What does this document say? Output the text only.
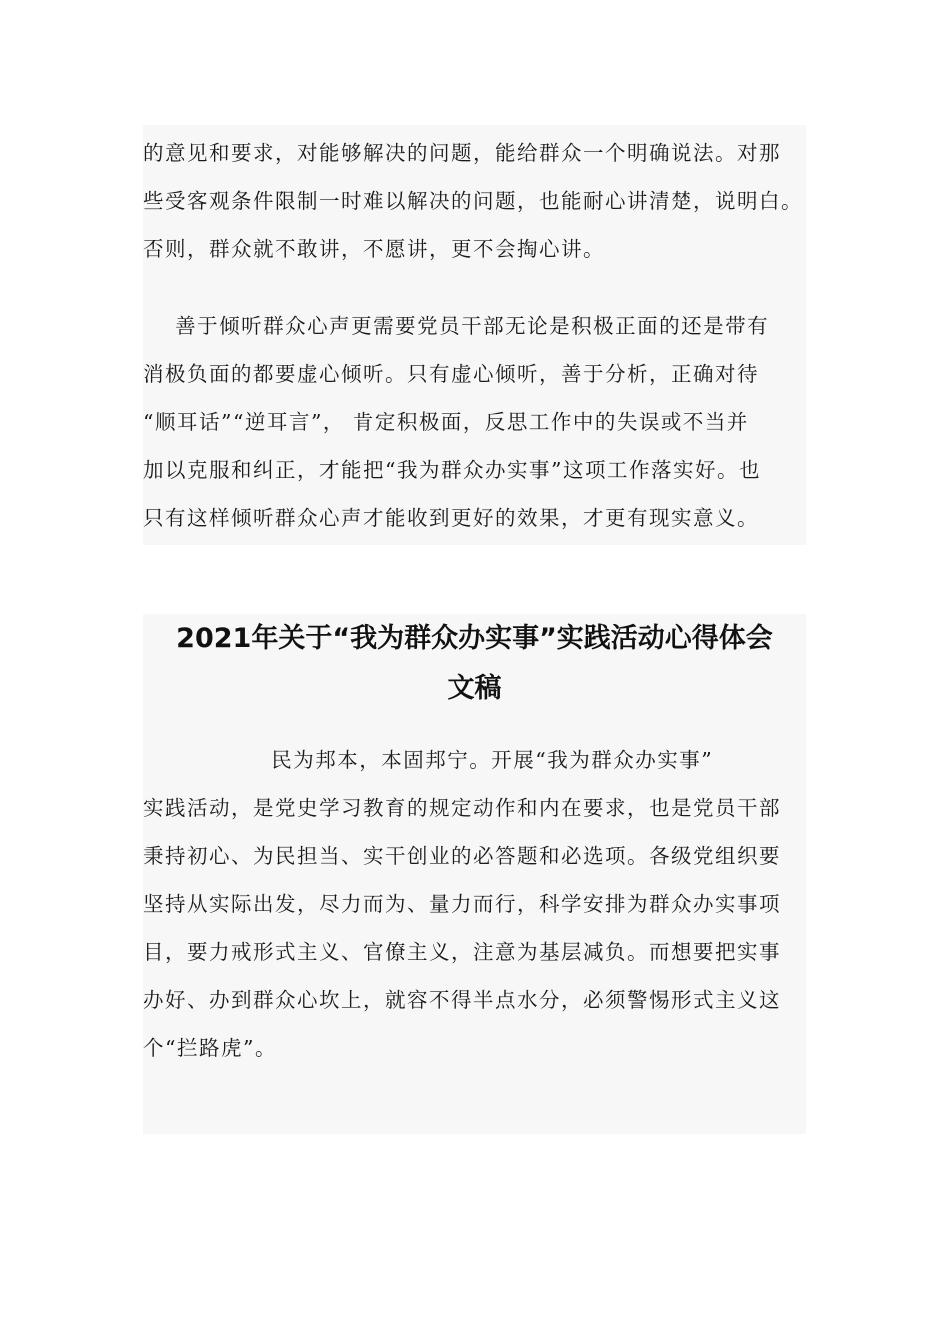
的意见和要求，对能够解决的问题，能给群众一个明确说法。对那
些受客观条件限制一时难以解决的问题，也能耐心讲清楚，说明白。
否则，群众就不敢讲，不愿讲，更不会掏心讲。

善于倾听群众心声更需要党员干部无论是积极正面的还是带有
消极负面的都要虚心倾听。只有虚心倾听，善于分析，正确对待
“顺耳话”“逆耳言”， 肯定积极面，反思工作中的失误或不当并
加以克服和纠正，才能把“我为群众办实事”这项工作落实好。也
只有这样倾听群众心声才能收到更好的效果，才更有现实意义。

2021年关于“我为群众办实事”实践活动心得体会
文稿

民为邦本，本固邦宁。开展“我为群众办实事”
实践活动，是党史学习教育的规定动作和内在要求，也是党员干部
秉持初心、为民担当、实干创业的必答题和必选项。各级党组织要
坚持从实际出发，尽力而为、量力而行，科学安排为群众办实事项
目，要力戒形式主义、官僚主义，注意为基层减负。而想要把实事
办好、办到群众心坎上，就容不得半点水分，必须警惕形式主义这
个“拦路虎”。
